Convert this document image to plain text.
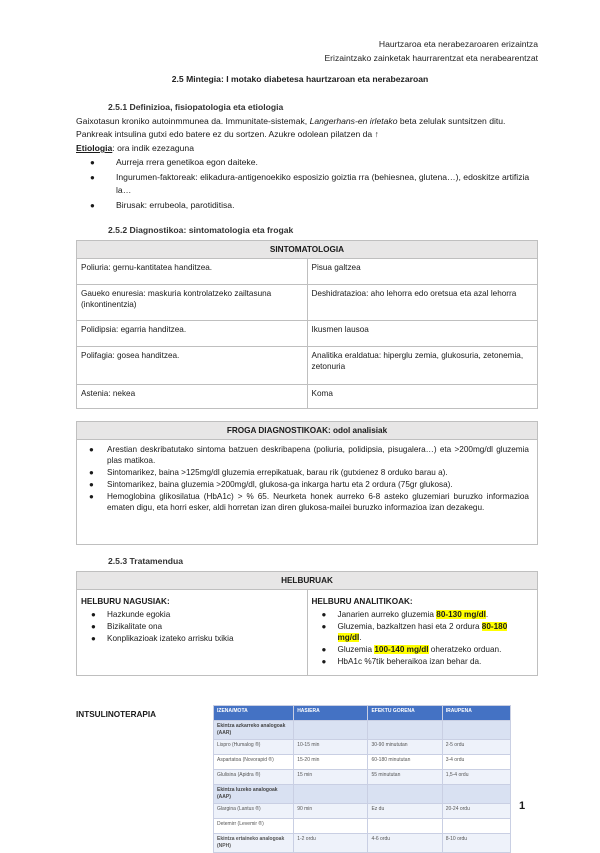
Haurtzaroa eta nerabezaroaren erizaintza
Erizaintzako zainketak haurrarentzat eta nerabearentzat
2.5 Mintegia: I motako diabetesa haurtzaroan eta nerabezaroan
2.5.1 Definizioa, fisiopatologia eta etiologia
Gaixotasun kroniko autoinmmunea da. Immunitate-sistemak, Langerhans-en irletako beta zelulak suntsitzen ditu. Pankreak intsulina gutxi edo batere ez du sortzen. Azukre odolean pilatzen da ↑
Etiologia: ora indik ezezaguna
● Aurreja rrera genetikoa egon daiteke.
● Ingurumen-faktoreak: elikadura-antigenoekiko esposizio goiztia rra (behiesnea, glutena…), edoskitze artifizia la…
● Birusak: errubeola, parotiditisa.
2.5.2 Diagnostikoa: sintomatologia eta frogak
SINTOMATOLOGIA	
Poliuria: gernu-kantitatea handitzea.	Pisua galtzea
Gaueko enuresia: maskuria kontrolatzeko zailtasuna (inkontinentzia)	Deshidratazioa: aho lehorra edo oretsua eta azal lehorra
Polidipsia: egarria handitzea.	Ikusmen lausoa
Polifagia: gosea handitzea.	Analitika eraldatua: hiperglu zemia, glukosuria, zetonemia, zetonuria
Astenia: nekea	Koma
FROGA DIAGNOSTIKOAK: odol analisiak
● Arestian deskribatutako sintoma batzuen deskribapena (poliuria, polidipsia, pisugalera…) eta >200mg/dl gluzemia plas matikoa.
● Sintomarikez, baina >125mg/dl gluzemia errepikatuak, barau rik (gutxienez 8 orduko barau a).
● Sintomarikez, baina gluzemia >200mg/dl, glukosa-ga inkarga hartu eta 2 ordura (75gr glukosa).
● Hemoglobina glikosilatua (HbA1c) > % 65. Neurketa honek aurreko 6-8 asteko gluzemiari buruzko informazioa ematen digu, eta horri esker, aldi horretan izan diren glukosa-mailei buruzko informazioa izan dezakegu.
2.5.3 Tratamendua
HELBURUAK

HELBURU NAGUSIAK:
● Hazkunde egokia
● Bizikalitate ona
● Konplikazioak izateko arrisku txikia

HELBURU ANALITIKOAK:
● Janarien aurreko gluzemia 80-130 mg/dl.
● Gluzemia, bazkaltzen hasi eta 2 ordura 80-180 mg/dl.
● Gluzemia 100-140 mg/dl oheratzeko orduan.
● HbA1c %7tik beheraikoa izan behar da.
INTSULINOTERAPIA	IZENA/MOTA	HASIERA	EFEKTU GORENA	IRAUPENA
Ekintza azkarreko analogoak (AAR)			
Lispro (Humalog ®)	10-15 min	30-90 minututan	2-5 ordu
Aspartatoa (Novorapid ®)	15-20 min	60-180 minututan	3-4 ordu
Glulisina (Apidra ®)	15 min	55 minututan	1,5-4 ordu
Ekintza luzeko analogoak (AAP)			
Glargina (Lantus ®)	90 min	Ez du	20-24 ordu
Detemirr (Levemir ®)			
Ekintza ertaineko analogoak (NPH)	1-2 ordu	4-6 ordu	8-10 ordu
1
